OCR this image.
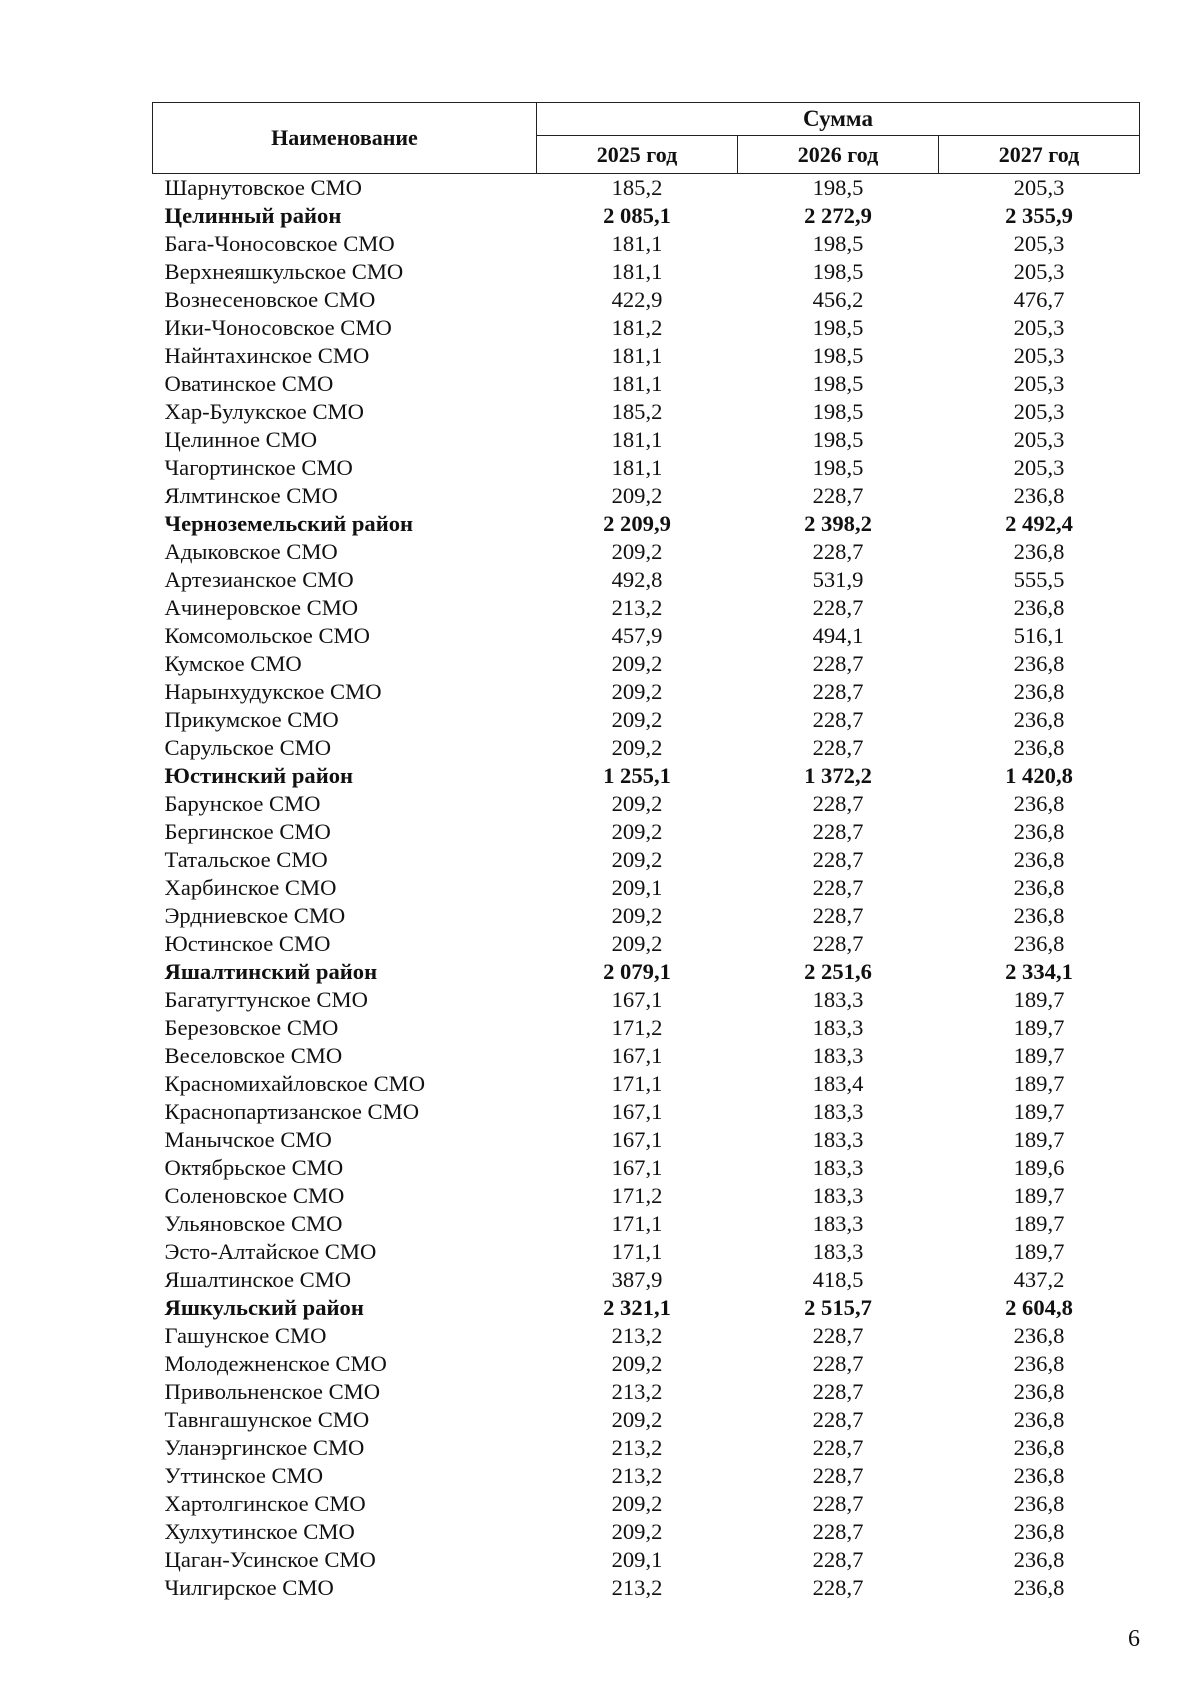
Наименование	Сумма		
	2025 год	2026 год	2027 год
Шарнутовское СМО	185,2	198,5	205,3
Целинный район	2 085,1	2 272,9	2 355,9
Бага-Чоносовское СМО	181,1	198,5	205,3
Верхнеяшкульское СМО	181,1	198,5	205,3
Вознесеновское СМО	422,9	456,2	476,7
Ики-Чоносовское СМО	181,2	198,5	205,3
Найнтахинское СМО	181,1	198,5	205,3
Оватинское СМО	181,1	198,5	205,3
Хар-Булукское СМО	185,2	198,5	205,3
Целинное СМО	181,1	198,5	205,3
Чагортинское СМО	181,1	198,5	205,3
Ялмтинское СМО	209,2	228,7	236,8
Черноземельский район	2 209,9	2 398,2	2 492,4
Адыковское СМО	209,2	228,7	236,8
Артезианское СМО	492,8	531,9	555,5
Ачинеровское СМО	213,2	228,7	236,8
Комсомольское СМО	457,9	494,1	516,1
Кумское СМО	209,2	228,7	236,8
Нарынхудукское СМО	209,2	228,7	236,8
Прикумское СМО	209,2	228,7	236,8
Сарульское СМО	209,2	228,7	236,8
Юстинский район	1 255,1	1 372,2	1 420,8
Барунское СМО	209,2	228,7	236,8
Бергинское СМО	209,2	228,7	236,8
Татальское СМО	209,2	228,7	236,8
Харбинское СМО	209,1	228,7	236,8
Эрдниевское СМО	209,2	228,7	236,8
Юстинское СМО	209,2	228,7	236,8
Яшалтинский район	2 079,1	2 251,6	2 334,1
Багатугтунское СМО	167,1	183,3	189,7
Березовское СМО	171,2	183,3	189,7
Веселовское СМО	167,1	183,3	189,7
Красномихайловское СМО	171,1	183,4	189,7
Краснопартизанское СМО	167,1	183,3	189,7
Манычское СМО	167,1	183,3	189,7
Октябрьское СМО	167,1	183,3	189,6
Соленовское СМО	171,2	183,3	189,7
Ульяновское СМО	171,1	183,3	189,7
Эсто-Алтайское СМО	171,1	183,3	189,7
Яшалтинское СМО	387,9	418,5	437,2
Яшкульский район	2 321,1	2 515,7	2 604,8
Гашунское СМО	213,2	228,7	236,8
Молодежненское СМО	209,2	228,7	236,8
Привольненское СМО	213,2	228,7	236,8
Тавнгашунское СМО	209,2	228,7	236,8
Уланэргинское СМО	213,2	228,7	236,8
Уттинское СМО	213,2	228,7	236,8
Хартолгинское СМО	209,2	228,7	236,8
Хулхутинское СМО	209,2	228,7	236,8
Цаган-Усинское СМО	209,1	228,7	236,8
Чилгирское СМО	213,2	228,7	236,8
6
